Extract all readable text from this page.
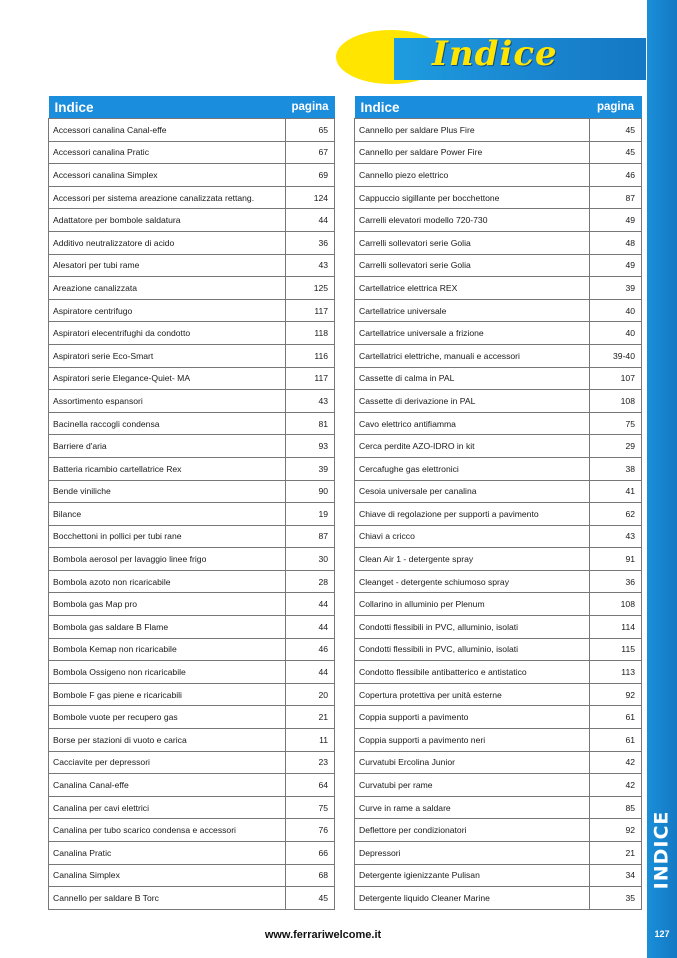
INDICE
127
Indice
Indice	pagina
Accessori canalina Canal-effe	65
Accessori canalina Pratic	67
Accessori canalina Simplex	69
Accessori per sistema areazione canalizzata rettang.	124
Adattatore per bombole saldatura	44
Additivo neutralizzatore di acido	36
Alesatori per tubi rame	43
Areazione canalizzata	125
Aspiratore centrifugo	117
Aspiratori elecentrifughi da condotto	118
Aspiratori serie Eco-Smart	116
Aspiratori serie Elegance-Quiet- MA	117
Assortimento espansori	43
Bacinella raccogli condensa	81
Barriere d'aria	93
Batteria ricambio cartellatrice Rex	39
Bende viniliche	90
Bilance	19
Bocchettoni in pollici per tubi rane	87
Bombola aerosol per lavaggio linee frigo	30
Bombola azoto non ricaricabile	28
Bombola gas Map pro	44
Bombola gas saldare B Flame	44
Bombola Kemap non ricaricabile	46
Bombola Ossigeno non ricaricabile	44
Bombole F gas piene e ricaricabili	20
Bombole vuote per recupero gas	21
Borse per stazioni di vuoto e carica	11
Cacciavite per depressori	23
Canalina Canal-effe	64
Canalina per cavi elettrici	75
Canalina per tubo scarico condensa e accessori	76
Canalina Pratic	66
Canalina Simplex	68
Cannello per saldare B Torc	45
Indice	pagina
Cannello per saldare Plus Fire	45
Cannello per saldare Power Fire	45
Cannello piezo elettrico	46
Cappuccio sigillante per bocchettone	87
Carrelli elevatori modello 720-730	49
Carrelli sollevatori serie Golia	48
Carrelli sollevatori serie Golia	49
Cartellatrice elettrica REX	39
Cartellatrice universale	40
Cartellatrice universale a frizione	40
Cartellatrici elettriche, manuali e accessori	39-40
Cassette di calma in PAL	107
Cassette di derivazione in PAL	108
Cavo elettrico antifiamma	75
Cerca perdite AZO-IDRO in kit	29
Cercafughe gas elettronici	38
Cesoia universale per canalina	41
Chiave di regolazione per supporti a pavimento	62
Chiavi a cricco	43
Clean Air 1 - detergente spray	91
Cleanget - detergente schiumoso spray	36
Collarino in alluminio per Plenum	108
Condotti flessibili in PVC, alluminio, isolati	114
Condotti flessibili in PVC, alluminio, isolati	115
Condotto flessibile antibatterico e antistatico	113
Copertura protettiva per unità esterne	92
Coppia supporti a pavimento	61
Coppia supporti a pavimento neri	61
Curvatubi Ercolina Junior	42
Curvatubi per rame	42
Curve in rame a saldare	85
Deflettore per condizionatori	92
Depressori	21
Detergente igienizzante Pulisan	34
Detergente liquido Cleaner Marine	35
www.ferrariwelcome.it
